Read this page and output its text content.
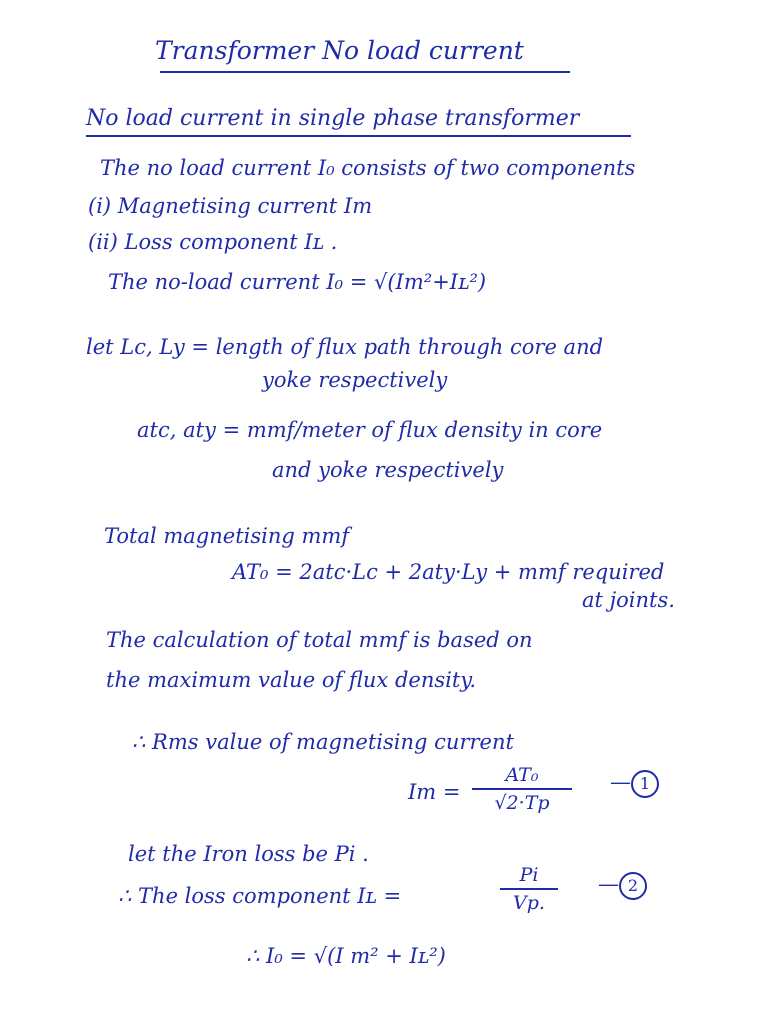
Transformer No load current
No load current in single phase transformer
The no load current I₀ consists of two components
(i) Magnetising current Im
(ii) Loss component Iʟ .
The no-load current I₀ = √(Im²+Iʟ²)
let Lc, Ly = length of flux path through core and
yoke respectively
atc, aty = mmf/meter of flux density in core
and yoke respectively
Total magnetising mmf
AT₀ = 2atc·Lc + 2aty·Ly + mmf required
at joints.
The calculation of total mmf is based on
the maximum value of flux density.
∴ Rms value of magnetising current
Im =
AT₀
√2·Tp
— 1
let the Iron loss be Pi .
∴ The loss component Iʟ =
Pi
Vp.
— 2
∴ I₀ = √(I m² + Iʟ²)
